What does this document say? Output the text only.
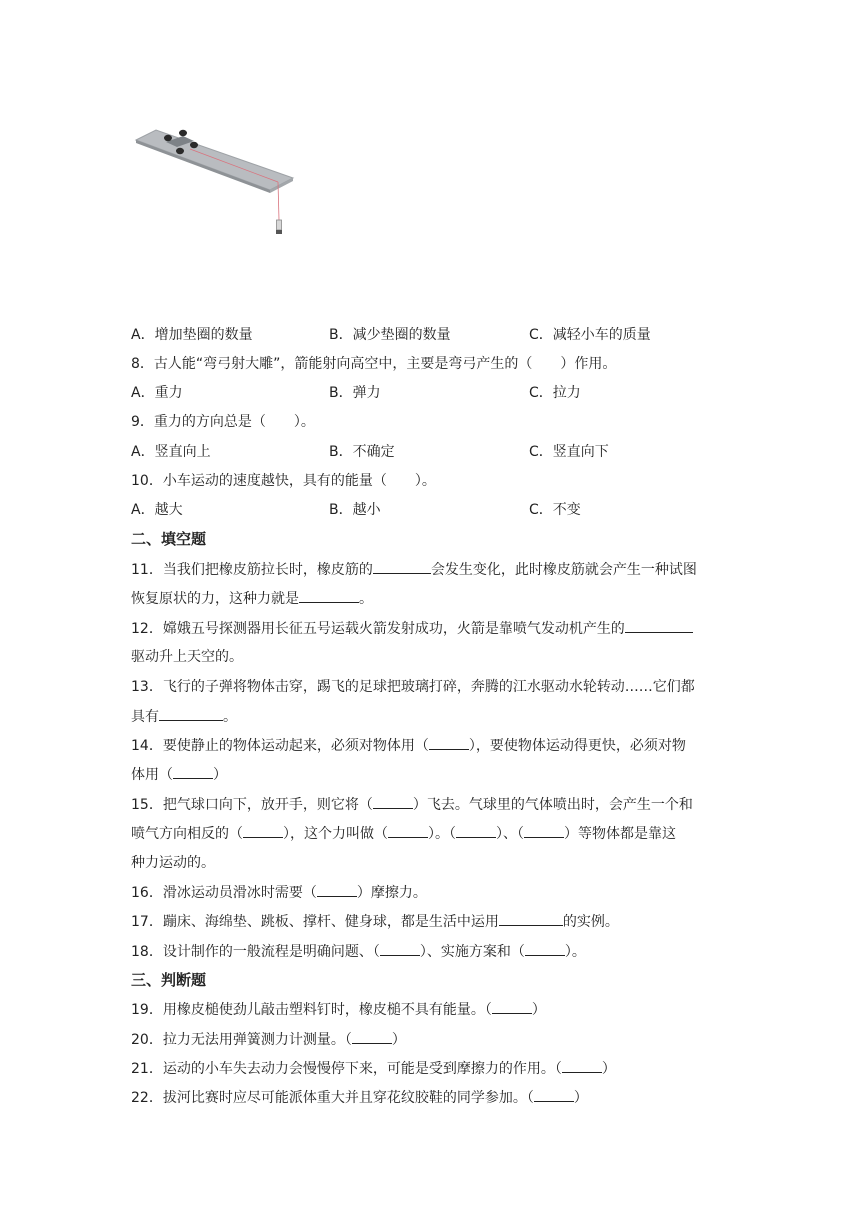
A．增加垫圈的数量	B．减少垫圈的数量	C．减轻小车的质量
8．古人能“弯弓射大雕”，箭能射向高空中，主要是弯弓产生的（　　）作用。
A．重力	B．弹力	C．拉力
9．重力的方向总是（　　）。
A．竖直向上	B．不确定	C．竖直向下
10．小车运动的速度越快，具有的能量（　　）。
A．越大	B．越小	C．不变
二、填空题
11．当我们把橡皮筋拉长时，橡皮筋的	会发生变化，此时橡皮筋就会产生一种试图
恢复原状的力，这种力就是	。
12．嫦娥五号探测器用长征五号运载火箭发射成功，火箭是靠喷气发动机产生的
驱动升上天空的。
13．飞行的子弹将物体击穿，踢飞的足球把玻璃打碎，奔腾的江水驱动水轮转动……它们都
具有	。
14．要使静止的物体运动起来，必须对物体用（	），要使物体运动得更快，必须对物
体用（	）
15．把气球口向下，放开手，则它将（	）飞去。气球里的气体喷出时，会产生一个和
喷气方向相反的（	），这个力叫做（	）。（	）、（	）等物体都是靠这
种力运动的。
16．滑冰运动员滑冰时需要（	）摩擦力。
17．蹦床、海绵垫、跳板、撑杆、健身球，都是生活中运用	的实例。
18．设计制作的一般流程是明确问题、（	）、实施方案和（	）。
三、判断题
19．用橡皮槌使劲儿敲击塑料钉时，橡皮槌不具有能量。（	）
20．拉力无法用弹簧测力计测量。（	）
21．运动的小车失去动力会慢慢停下来，可能是受到摩擦力的作用。（	）
22．拔河比赛时应尽可能派体重大并且穿花纹胶鞋的同学参加。（	）
